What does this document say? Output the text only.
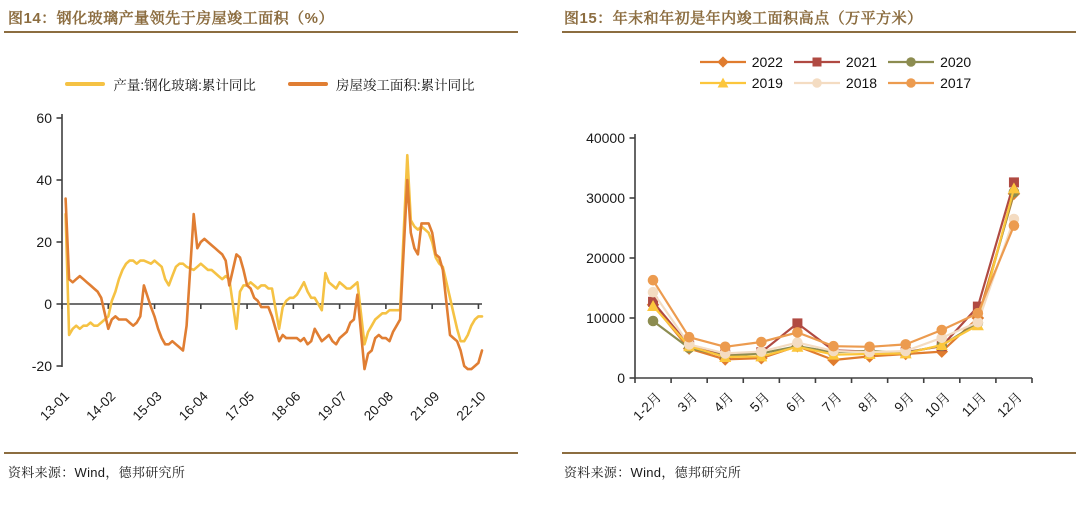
图14：钢化玻璃产量领先于房屋竣工面积（%）
产量:钢化玻璃:累计同比	房屋竣工面积:累计同比
-20
0
20
40
60
13-01 14-02 15-03 16-04 17-05 18-06 19-07 20-08 21-09 22-10
资料来源：Wind，德邦研究所
图15：年末和年初是年内竣工面积高点（万平方米）
2022	2021	2020
2019	2018	2017
0
10000
20000
30000
40000
1-2月 3月 4月 5月 6月 7月 8月 9月 10月 11月 12月
资料来源：Wind，德邦研究所
